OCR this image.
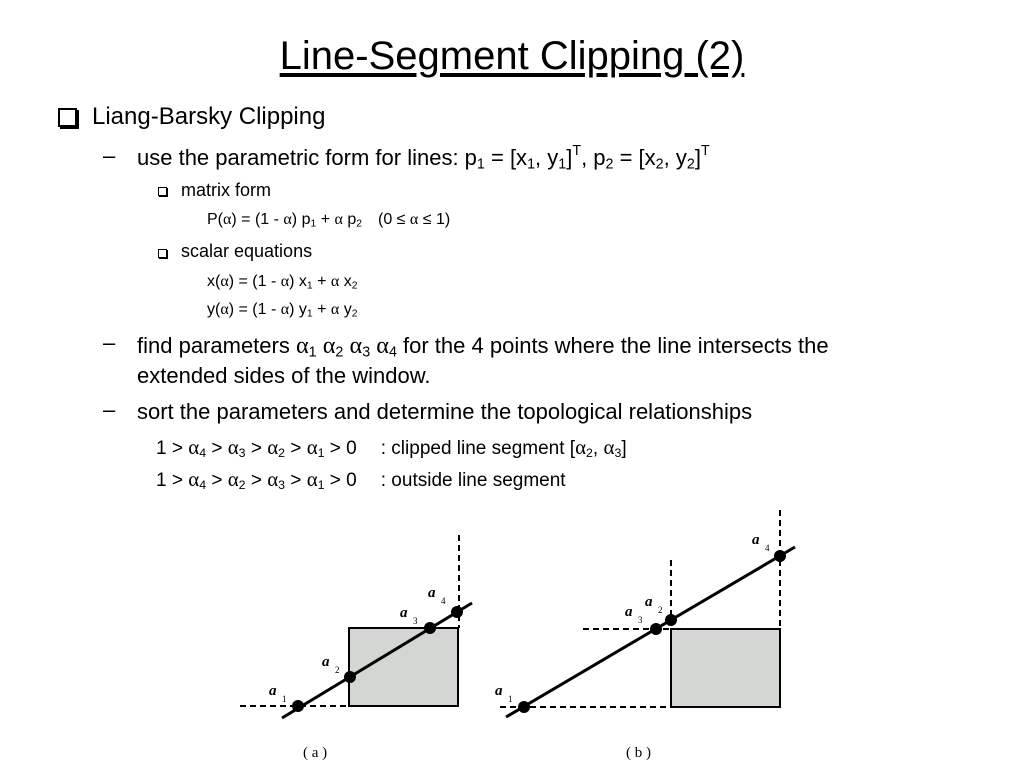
Line-Segment Clipping (2)
Liang-Barsky Clipping
– use the parametric form for lines: $p_1 = [x_1$, $y_1]^T$, $p_2 = [x_2$, $y_2]^T$
matrix form
P(α) = (1 - α) $p_1 + \alpha$ $p_2$ (0 ≤ α ≤ 1)
scalar equations
x(α) = (1 - α) $x_1 + \alpha$ $x_2$
y(α) = (1 - α) $y_1 + \alpha$ $y_2$
– find parameters $\alpha_1$ $\alpha_2$ $\alpha_3$ $\alpha_4$ for the 4 points where the line intersects the
extended sides of the window.
– sort the parameters and determine the topological relationships
$1 > \alpha_4 > \alpha_3 > \alpha_2 > \alpha_1 > 0$ : clipped line segment [$\alpha_2$, $\alpha_3$]
$1 > \alpha_4 > \alpha_2 > \alpha_3 > \alpha_1 > 0$ : outside line segment
a 1
a 2
a 3
a 4
( a )
a 1
a 3
a 2
a 4
( b )
